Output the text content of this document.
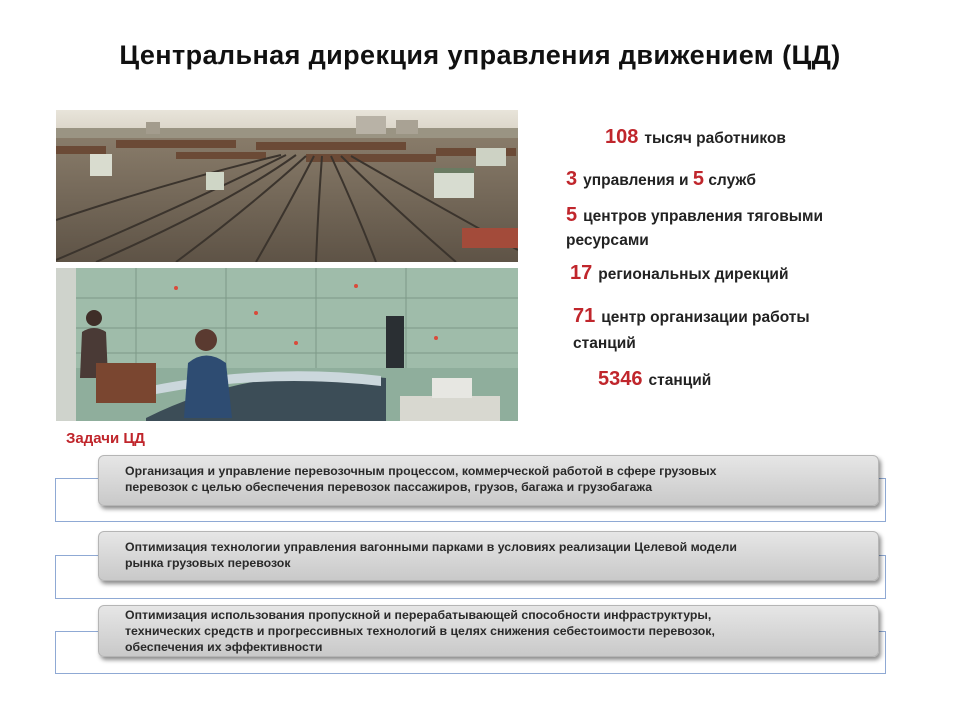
Центральная дирекция управления движением (ЦД)
108 тысяч работников
3 управления и 5 служб
5 центров управления тяговыми
ресурсами
17 региональных дирекций
71 центр организации работы
станций
5346 станций
Задачи ЦД
Организация и управление перевозочным процессом, коммерческой работой в сфере грузовых
перевозок с целью обеспечения перевозок пассажиров, грузов, багажа и грузобагажа
Оптимизация технологии управления вагонными парками в условиях реализации Целевой модели
рынка грузовых перевозок
Оптимизация использования пропускной и перерабатывающей способности инфраструктуры,
технических средств и прогрессивных технологий в целях снижения себестоимости перевозок,
обеспечения их эффективности
